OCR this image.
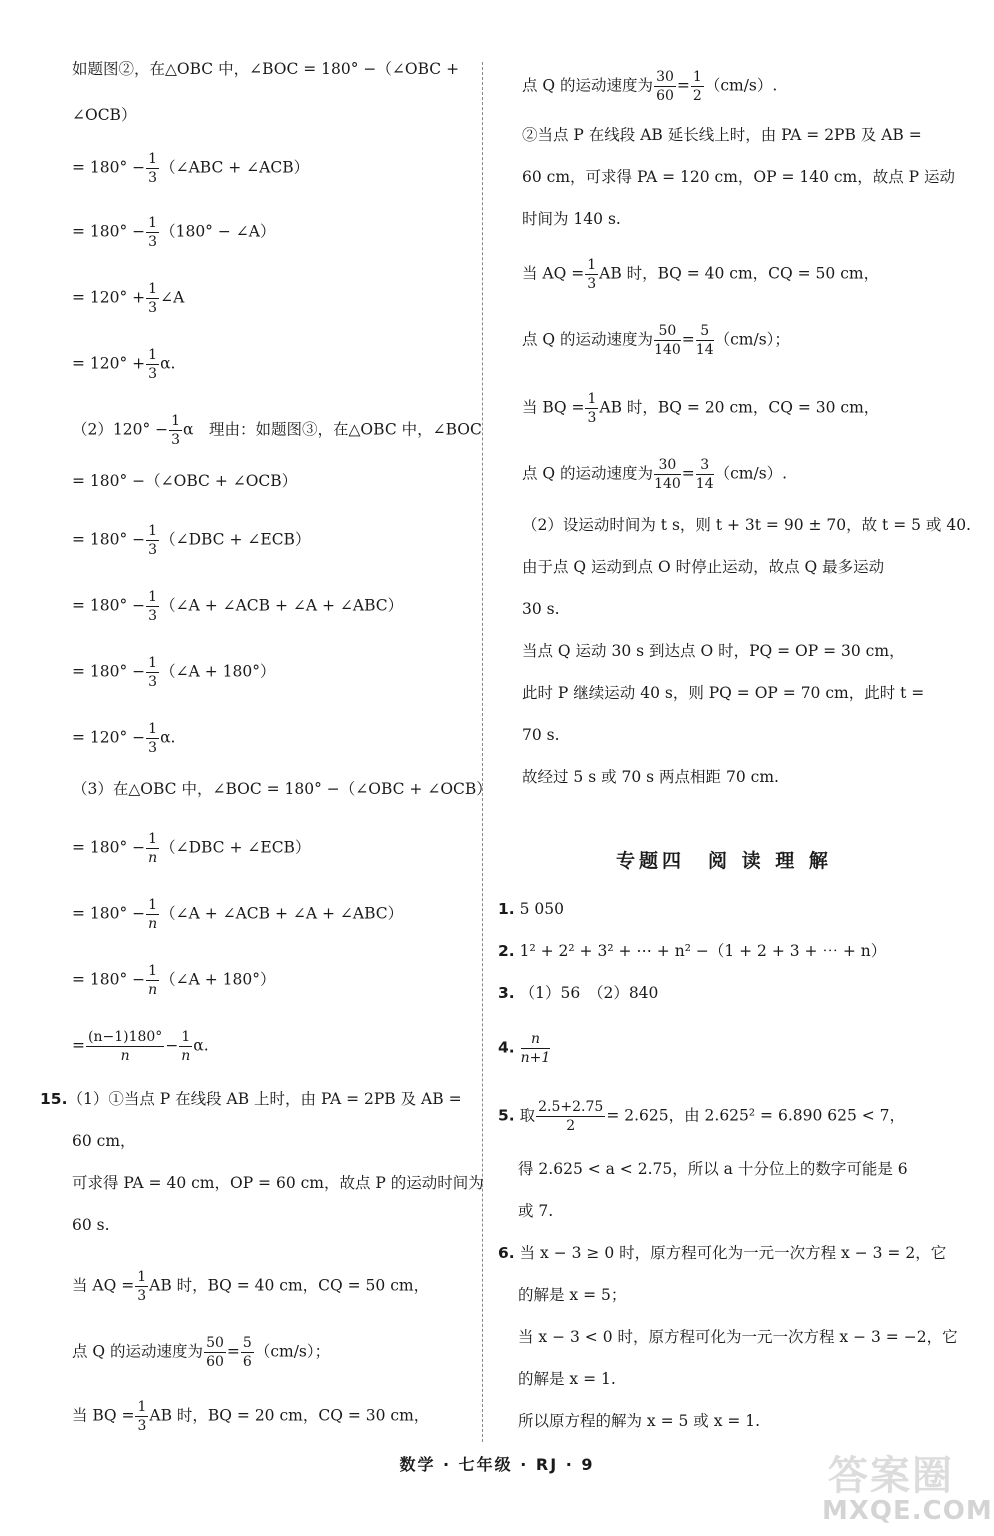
如题图②，在△OBC 中，∠BOC = 180° −（∠OBC +
∠OCB）
= $180^\circ - \frac{1}{3}$ （∠ABC + ∠ACB）
= $180^\circ - \frac{1}{3} (180^\circ$ − ∠A）
= $120^\circ + \frac{1}{3}$ ∠A
= $120^\circ + \frac{1}{3} \alpha$.
$(2)120^\circ - \frac{1}{3}$ α　理由：如题图③，在△OBC 中，∠BOC
= 180° −（∠OBC + ∠OCB）
= $180^\circ - \frac{1}{3}$ （∠DBC + ∠ECB）
= $180^\circ - \frac{1}{3}$ （∠A + ∠ACB + ∠A + ∠ABC）
= $180^\circ - \frac{1}{3}$ （∠A + 180°）
= $120^\circ - \frac{1}{3} \alpha$.
（3）在△OBC 中，∠BOC = 180° −（∠OBC + ∠OCB）
= $180^\circ - \frac{1}{n}$ （∠DBC + ∠ECB）
= $180^\circ - \frac{1}{n}$ （∠A + ∠ACB + ∠A + ∠ABC）
= $180^\circ - \frac{1}{n}$ （∠A + 180°）
= $\frac{(n-1)180^\circ}{n} - \frac{1}{n} \alpha$.
15.（1）①当点 P 在线段 AB 上时，由 PA = 2PB 及 AB =
60 cm，
可求得 PA = 40 cm，OP = 60 cm，故点 P 的运动时间为
60 s.
当 AQ = $\frac{1}{3}$ AB 时，BQ = 40 cm，CQ = 50 cm，
点 Q 的运动速度为 $\frac{50}{60} = \frac{5}{6} (cm/s)$；
当 BQ = $\frac{1}{3}$ AB 时，BQ = 20 cm，CQ = 30 cm，
点 Q 的运动速度为 $\frac{30}{60} = \frac{1}{2} (cm/s)$.
②当点 P 在线段 AB 延长线上时，由 PA = 2PB 及 AB =
60 cm，可求得 PA = 120 cm，OP = 140 cm，故点 P 运动
时间为 140 s.
当 AQ = $\frac{1}{3}$ AB 时，BQ = 40 cm，CQ = 50 cm，
点 Q 的运动速度为 $\frac{50}{140} = \frac{5}{14} (cm/s)$；
当 BQ = $\frac{1}{3}$ AB 时，BQ = 20 cm，CQ = 30 cm，
点 Q 的运动速度为 $\frac{30}{140} = \frac{3}{14} (cm/s)$.
（2）设运动时间为 t s，则 t + 3t = 90 ± 70，故 t = 5 或 40.
由于点 Q 运动到点 O 时停止运动，故点 Q 最多运动
30 s.
当点 Q 运动 30 s 到达点 O 时，PQ = OP = 30 cm，
此时 P 继续运动 40 s，则 PQ = OP = 70 cm，此时 t =
70 s.
故经过 5 s 或 70 s 两点相距 70 cm.
专题四　阅 读 理 解
1. 5 050
2. 1² + 2² + 3² + ⋯ + n² −（1 + 2 + 3 + ⋯ + n）
3. （1）56　（2）840
4. $\frac{n}{n+1}$
5. 取 $\frac{2.5+2.75}{2} = 2.625$，由 2.625² = 6.890 625 < 7，
得 2.625 < a < 2.75，所以 a 十分位上的数字可能是 6
或 7.
6. 当 x − 3 ≥ 0 时，原方程可化为一元一次方程 x − 3 = 2，它
的解是 x = 5；
当 x − 3 < 0 时，原方程可化为一元一次方程 x − 3 = −2，它
的解是 x = 1.
所以原方程的解为 x = 5 或 x = 1.
数学 · 七年级 · RJ · 9	答案圈
MXQE.COM
